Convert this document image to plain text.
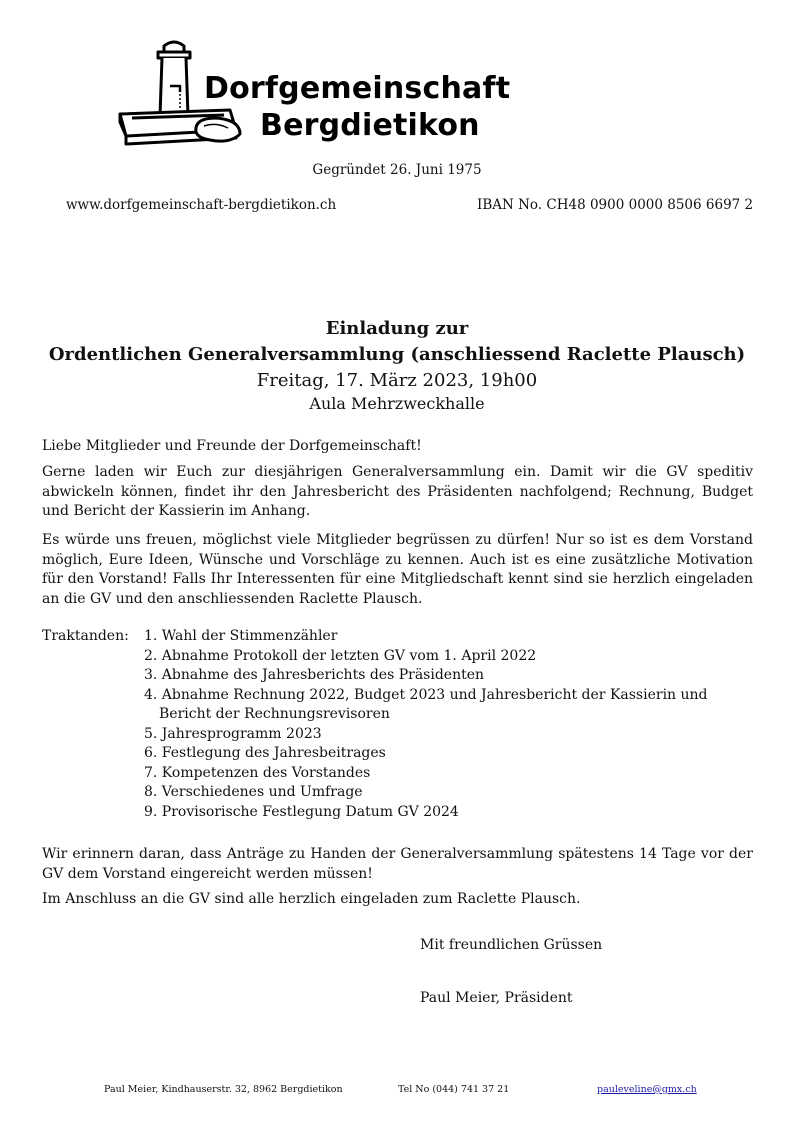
Dorfgemeinschaft
Bergdietikon
Gegründet 26. Juni 1975
www.dorfgemeinschaft-bergdietikon.ch	IBAN No. CH48 0900 0000 8506 6697 2
Einladung zur
Ordentlichen Generalversammlung (anschliessend Raclette Plausch)
Freitag, 17. März 2023, 19h00
Aula Mehrzweckhalle
Liebe Mitglieder und Freunde der Dorfgemeinschaft!
Gerne laden wir Euch zur diesjährigen Generalversammlung ein. Damit wir die GV speditiv abwickeln können, findet ihr den Jahresbericht des Präsidenten nachfolgend; Rechnung, Budget und Bericht der Kassierin im Anhang.
Es würde uns freuen, möglichst viele Mitglieder begrüssen zu dürfen! Nur so ist es dem Vorstand möglich, Eure Ideen, Wünsche und Vorschläge zu kennen. Auch ist es eine zusätzliche Motivation für den Vorstand! Falls Ihr Interessenten für eine Mitgliedschaft kennt sind sie herzlich eingeladen an die GV und den anschliessenden Raclette Plausch.
Traktanden:	1. Wahl der Stimmenzähler
2. Abnahme Protokoll der letzten GV vom 1. April 2022
3. Abnahme des Jahresberichts des Präsidenten
4. Abnahme Rechnung 2022, Budget 2023 und Jahresbericht der Kassierin und Bericht der Rechnungsrevisoren
5. Jahresprogramm 2023
6. Festlegung des Jahresbeitrages
7. Kompetenzen des Vorstandes
8. Verschiedenes und Umfrage
9. Provisorische Festlegung Datum GV 2024
Wir erinnern daran, dass Anträge zu Handen der Generalversammlung spätestens 14 Tage vor der GV dem Vorstand eingereicht werden müssen!
Im Anschluss an die GV sind alle herzlich eingeladen zum Raclette Plausch.
Mit freundlichen Grüssen
Paul Meier, Präsident
Paul Meier, Kindhauserstr. 32, 8962 Bergdietikon	Tel No (044) 741 37 21	pauleveline@gmx.ch
